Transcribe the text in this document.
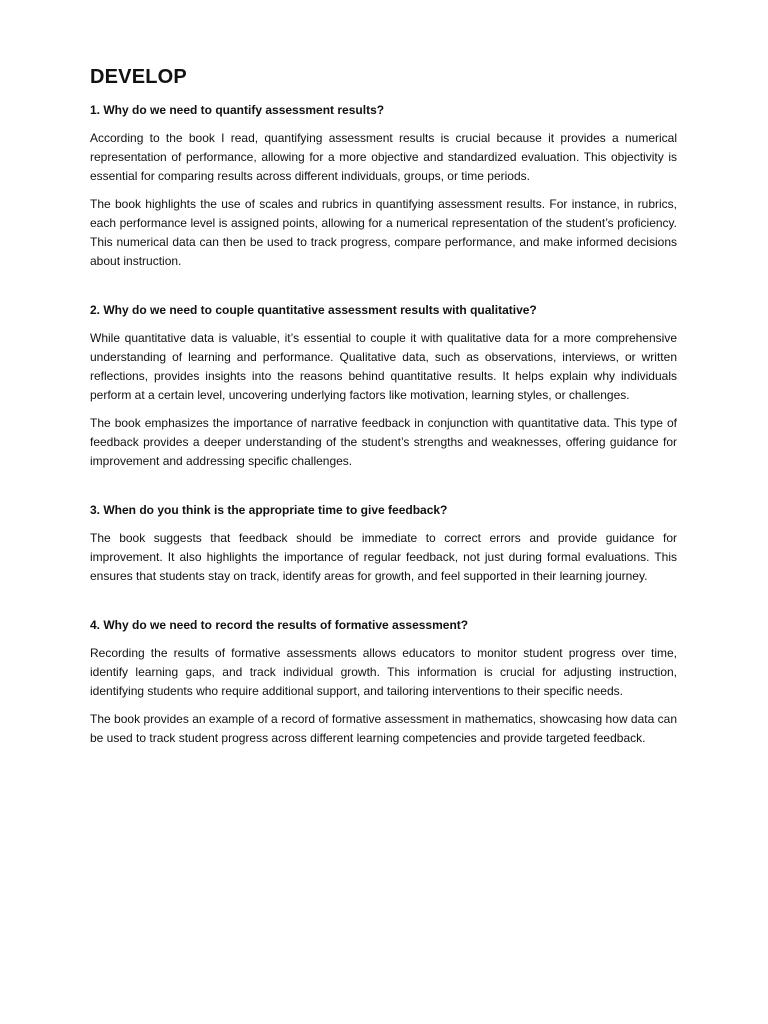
DEVELOP

1. Why do we need to quantify assessment results?

According to the book I read, quantifying assessment results is crucial because it provides a numerical representation of performance, allowing for a more objective and standardized evaluation. This objectivity is essential for comparing results across different individuals, groups, or time periods.

The book highlights the use of scales and rubrics in quantifying assessment results. For instance, in rubrics, each performance level is assigned points, allowing for a numerical representation of the student’s proficiency. This numerical data can then be used to track progress, compare performance, and make informed decisions about instruction.

2. Why do we need to couple quantitative assessment results with qualitative?

While quantitative data is valuable, it’s essential to couple it with qualitative data for a more comprehensive understanding of learning and performance. Qualitative data, such as observations, interviews, or written reflections, provides insights into the reasons behind quantitative results. It helps explain why individuals perform at a certain level, uncovering underlying factors like motivation, learning styles, or challenges.

The book emphasizes the importance of narrative feedback in conjunction with quantitative data. This type of feedback provides a deeper understanding of the student’s strengths and weaknesses, offering guidance for improvement and addressing specific challenges.

3. When do you think is the appropriate time to give feedback?

The book suggests that feedback should be immediate to correct errors and provide guidance for improvement. It also highlights the importance of regular feedback, not just during formal evaluations. This ensures that students stay on track, identify areas for growth, and feel supported in their learning journey.

4. Why do we need to record the results of formative assessment?

Recording the results of formative assessments allows educators to monitor student progress over time, identify learning gaps, and track individual growth. This information is crucial for adjusting instruction, identifying students who require additional support, and tailoring interventions to their specific needs.

The book provides an example of a record of formative assessment in mathematics, showcasing how data can be used to track student progress across different learning competencies and provide targeted feedback.
